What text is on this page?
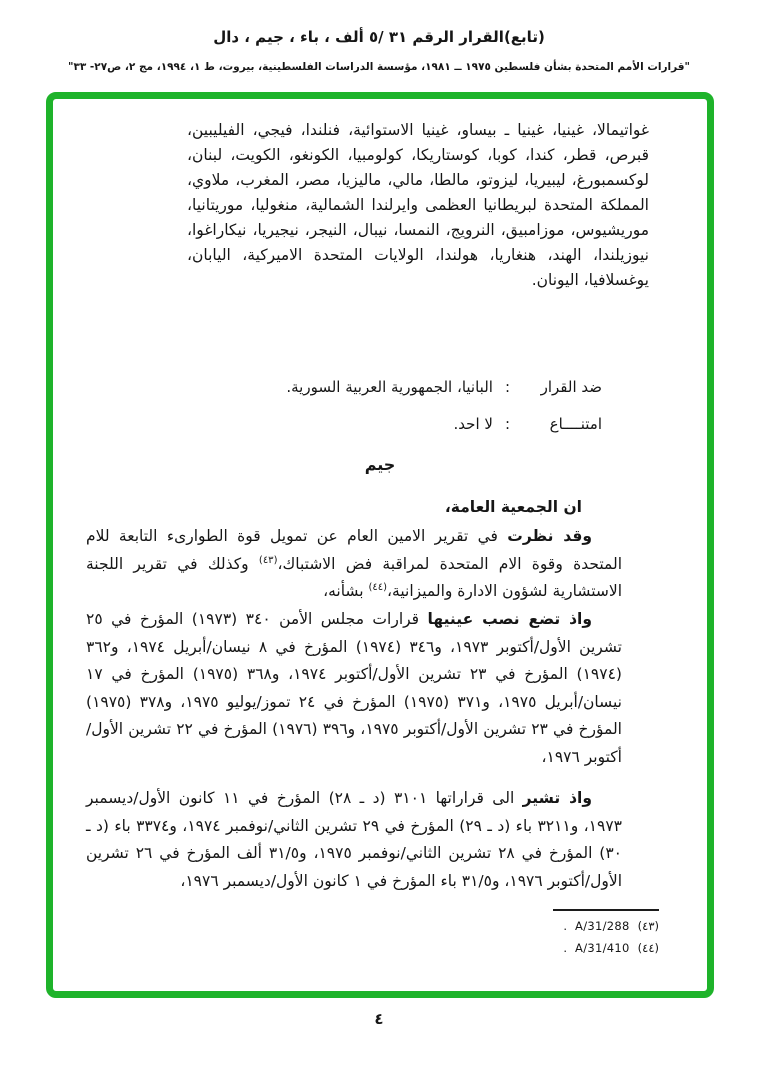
(تابع)القرار الرقم ٣١ /٥ ألف ، باء ، جيم ، دال
"قرارات الأمم المتحدة بشأن فلسطين ١٩٧٥ ــ ١٩٨١، مؤسسة الدراسات الفلسطينية، بيروت، ط ١، ١٩٩٤، مج ٢، ص٢٧- ٣٣"
غواتيمالا، غينيا، غينيا ـ بيساو، غينيا الاستوائية، فنلندا، فيجي، الفيليبين، قبرص، قطر، كندا، كوبا، كوستاريكا، كولومبيا، الكونغو، الكويت، لبنان، لوكسمبورغ، ليبيريا، ليزوتو، مالطا، مالي، ماليزيا، مصر، المغرب، ملاوي، المملكة المتحدة لبريطانيا العظمى وايرلندا الشمالية، منغوليا، موريتانيا، موريشيوس، موزامبيق، النرويج، النمسا، نيبال، النيجر، نيجيريا، نيكاراغوا، نيوزيلندا، الهند، هنغاريا، هولندا، الولايات المتحدة الاميركية، اليابان، يوغسلافيا، اليونان.
ضد القرار
:
البانيا، الجمهورية العربية السورية.
امتنــــاع
:
لا احد.
جيم
ان الجمعية العامة،
وقد نظرت في تقرير الامين العام عن تمويل قوة الطوارىء التابعة للام المتحدة وقوة الام المتحدة لمراقبة فض الاشتباك،$^{(٤٣)}$ وكذلك في تقرير اللجنة الاستشارية لشؤون الادارة والميزانية،$^{(٤٤)}$ بشأنه،
واذ تضع نصب عينيها قرارات مجلس الأمن ٣٤٠ (١٩٧٣) المؤرخ في ٢٥ تشرين الأول/أكتوبر ١٩٧٣، و٣٤٦ (١٩٧٤) المؤرخ في ٨ نيسان/أبريل ١٩٧٤، و٣٦٢ (١٩٧٤) المؤرخ في ٢٣ تشرين الأول/أكتوبر ١٩٧٤، و٣٦٨ (١٩٧٥) المؤرخ في ١٧ نيسان/أبريل ١٩٧٥، و٣٧١ (١٩٧٥) المؤرخ في ٢٤ تموز/يوليو ١٩٧٥، و٣٧٨ (١٩٧٥) المؤرخ في ٢٣ تشرين الأول/أكتوبر ١٩٧٥، و٣٩٦ (١٩٧٦) المؤرخ في ٢٢ تشرين الأول/أكتوبر ١٩٧٦،
واذ تشير الى قراراتها ٣١٠١ (د ـ ٢٨) المؤرخ في ١١ كانون الأول/ديسمبر ١٩٧٣، و٣٢١١ باء (د ـ ٢٩) المؤرخ في ٢٩ تشرين الثاني/نوفمبر ١٩٧٤، و٣٣٧٤ باء (د ـ ٣٠) المؤرخ في ٢٨ تشرين الثاني/نوفمبر ١٩٧٥، و٣١/٥ ألف المؤرخ في ٢٦ تشرين الأول/أكتوبر ١٩٧٦، و٣١/٥ باء المؤرخ في ١ كانون الأول/ديسمبر ١٩٧٦،
(٤٣)
A/31/288
.
(٤٤)
A/31/410
.
٤
